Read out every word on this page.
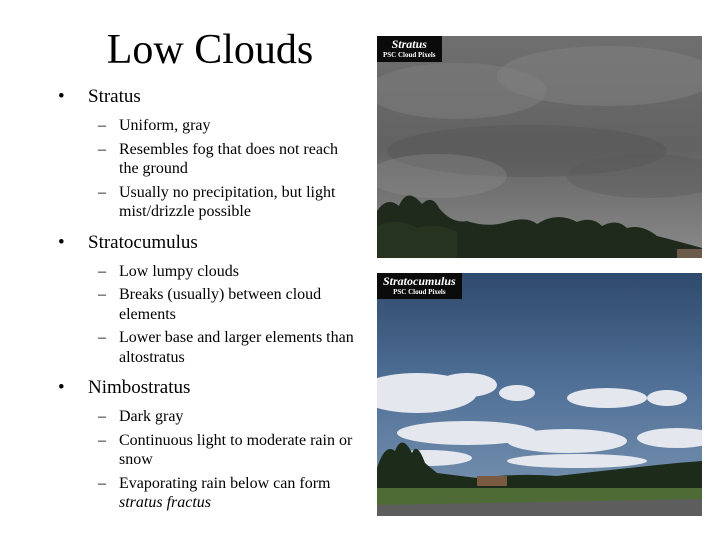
Low Clouds
•	Stratus
– Uniform, gray
– Resembles fog that does not reach the ground
– Usually no precipitation, but light mist/drizzle possible
•	Stratocumulus
– Low lumpy clouds
– Breaks (usually) between cloud elements
– Lower base and larger elements than altostratus
•	Nimbostratus
– Dark gray
– Continuous light to moderate rain or snow
– Evaporating rain below can form stratus fractus
Stratus
PSC Cloud Pixels
Stratocumulus
PSC Cloud Pixels
